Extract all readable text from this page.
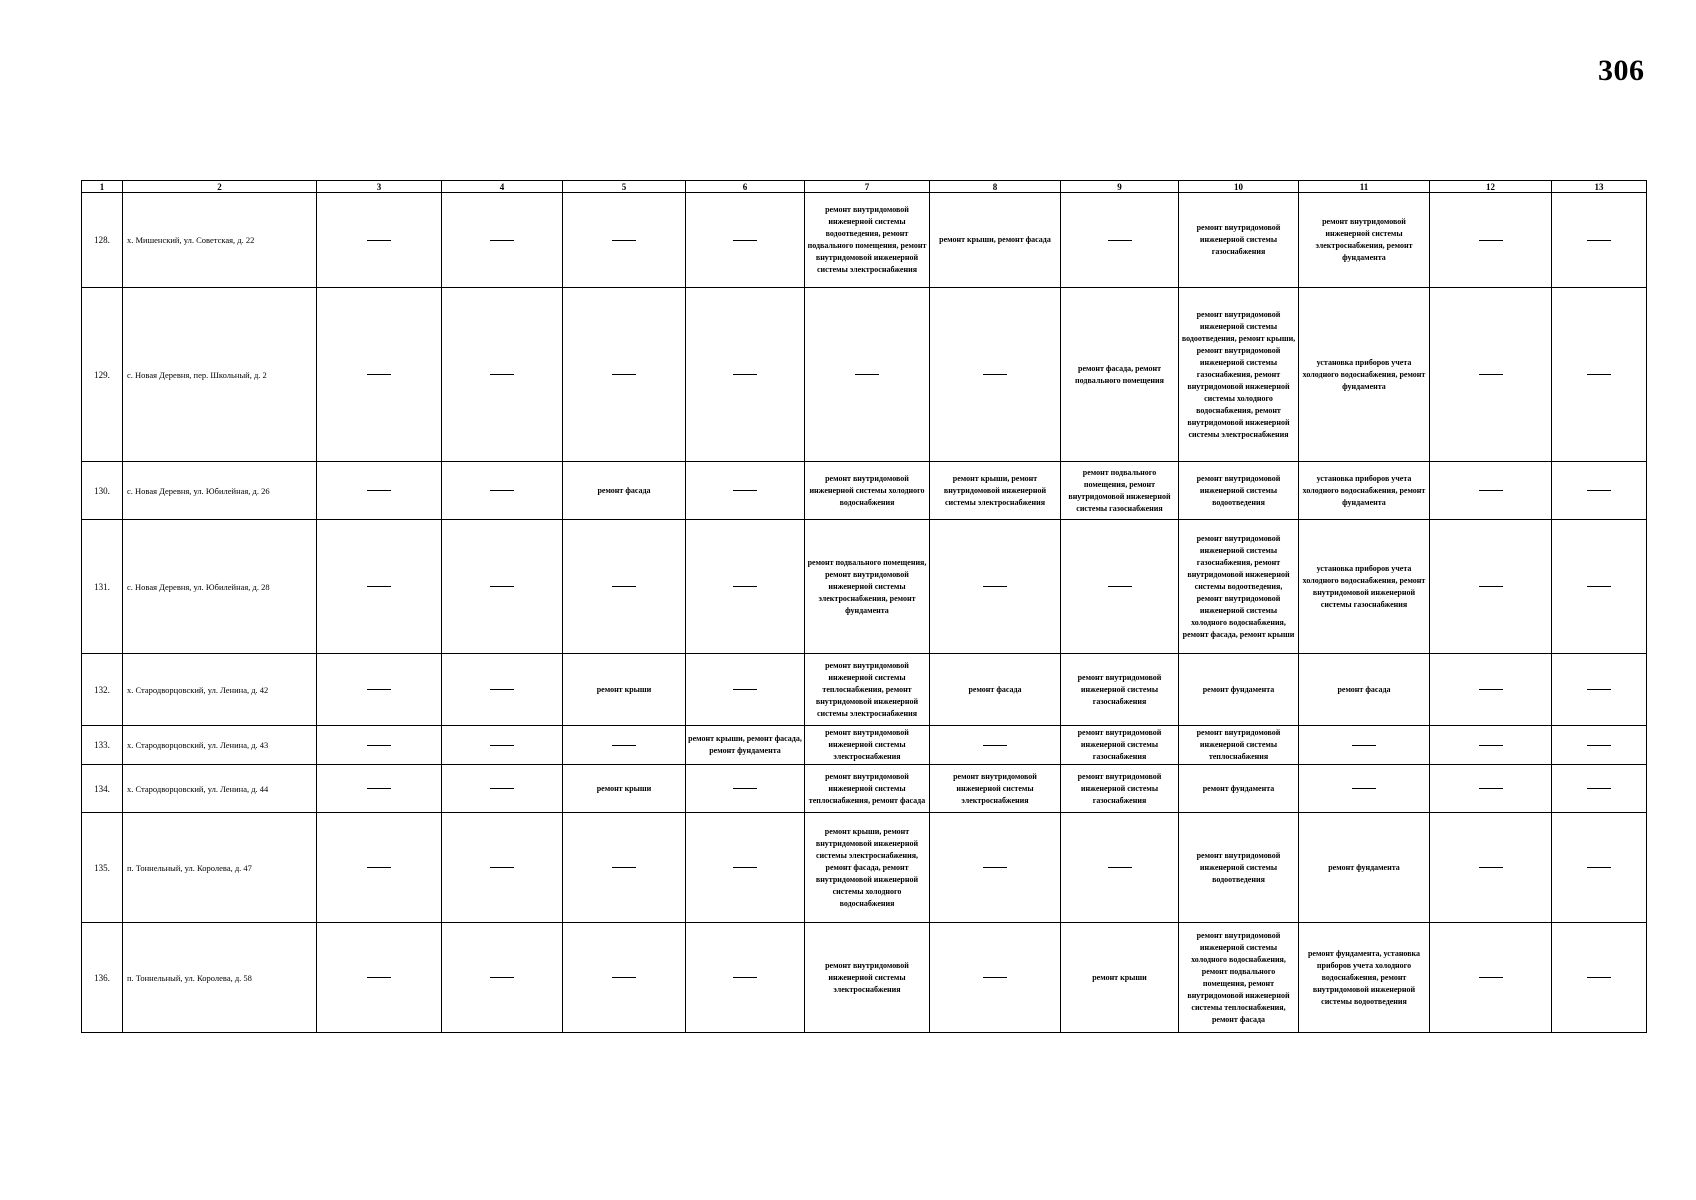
306
1	2	3	4	5	6	7	8	9	10	11	12	13
128.	х. Мишенский, ул. Советская, д. 22					ремонт внутридомовой инженерной системы водоотведения, ремонт подвального помещения, ремонт внутридомовой инженерной системы электроснабжения	ремонт крыши, ремонт фасада		ремонт внутридомовой инженерной системы газоснабжения	ремонт внутридомовой инженерной системы электроснабжения, ремонт фундамента		
129.	с. Новая Деревня, пер. Школьный, д. 2							ремонт фасада, ремонт подвального помещения	ремонт внутридомовой инженерной системы водоотведения, ремонт крыши, ремонт внутридомовой инженерной системы газоснабжения, ремонт внутридомовой инженерной системы холодного водоснабжения, ремонт внутридомовой инженерной системы электроснабжения	установка приборов учета холодного водоснабжения, ремонт фундамента		
130.	с. Новая Деревня, ул. Юбилейная, д. 26			ремонт фасада		ремонт внутридомовой инженерной системы холодного водоснабжения	ремонт крыши, ремонт внутридомовой инженерной системы электроснабжения	ремонт подвального помещения, ремонт внутридомовой инженерной системы газоснабжения	ремонт внутридомовой инженерной системы водоотведения	установка приборов учета холодного водоснабжения, ремонт фундамента		
131.	с. Новая Деревня, ул. Юбилейная, д. 28					ремонт подвального помещения, ремонт внутридомовой инженерной системы электроснабжения, ремонт фундамента			ремонт внутридомовой инженерной системы газоснабжения, ремонт внутридомовой инженерной системы водоотведения, ремонт внутридомовой инженерной системы холодного водоснабжения, ремонт фасада, ремонт крыши	установка приборов учета холодного водоснабжения, ремонт внутридомовой инженерной системы газоснабжения		
132.	х. Стародворцовский, ул. Ленина, д. 42			ремонт крыши		ремонт внутридомовой инженерной системы теплоснабжения, ремонт внутридомовой инженерной системы электроснабжения	ремонт фасада	ремонт внутридомовой инженерной системы газоснабжения	ремонт фундамента	ремонт фасада		
133.	х. Стародворцовский, ул. Ленина, д. 43				ремонт крыши, ремонт фасада, ремонт фундамента	ремонт внутридомовой инженерной системы электроснабжения		ремонт внутридомовой инженерной системы газоснабжения	ремонт внутридомовой инженерной системы теплоснабжения			
134.	х. Стародворцовский, ул. Ленина, д. 44			ремонт крыши		ремонт внутридомовой инженерной системы теплоснабжения, ремонт фасада	ремонт внутридомовой инженерной системы электроснабжения	ремонт внутридомовой инженерной системы газоснабжения	ремонт фундамента			
135.	п. Тоннельный, ул. Королева, д. 47					ремонт крыши, ремонт внутридомовой инженерной системы электроснабжения, ремонт фасада, ремонт внутридомовой инженерной системы холодного водоснабжения			ремонт внутридомовой инженерной системы водоотведения	ремонт фундамента		
136.	п. Тоннельный, ул. Королева, д. 58					ремонт внутридомовой инженерной системы электроснабжения		ремонт крыши	ремонт внутридомовой инженерной системы холодного водоснабжения, ремонт подвального помещения, ремонт внутридомовой инженерной системы теплоснабжения, ремонт фасада	ремонт фундамента, установка приборов учета холодного водоснабжения, ремонт внутридомовой инженерной системы водоотведения		
